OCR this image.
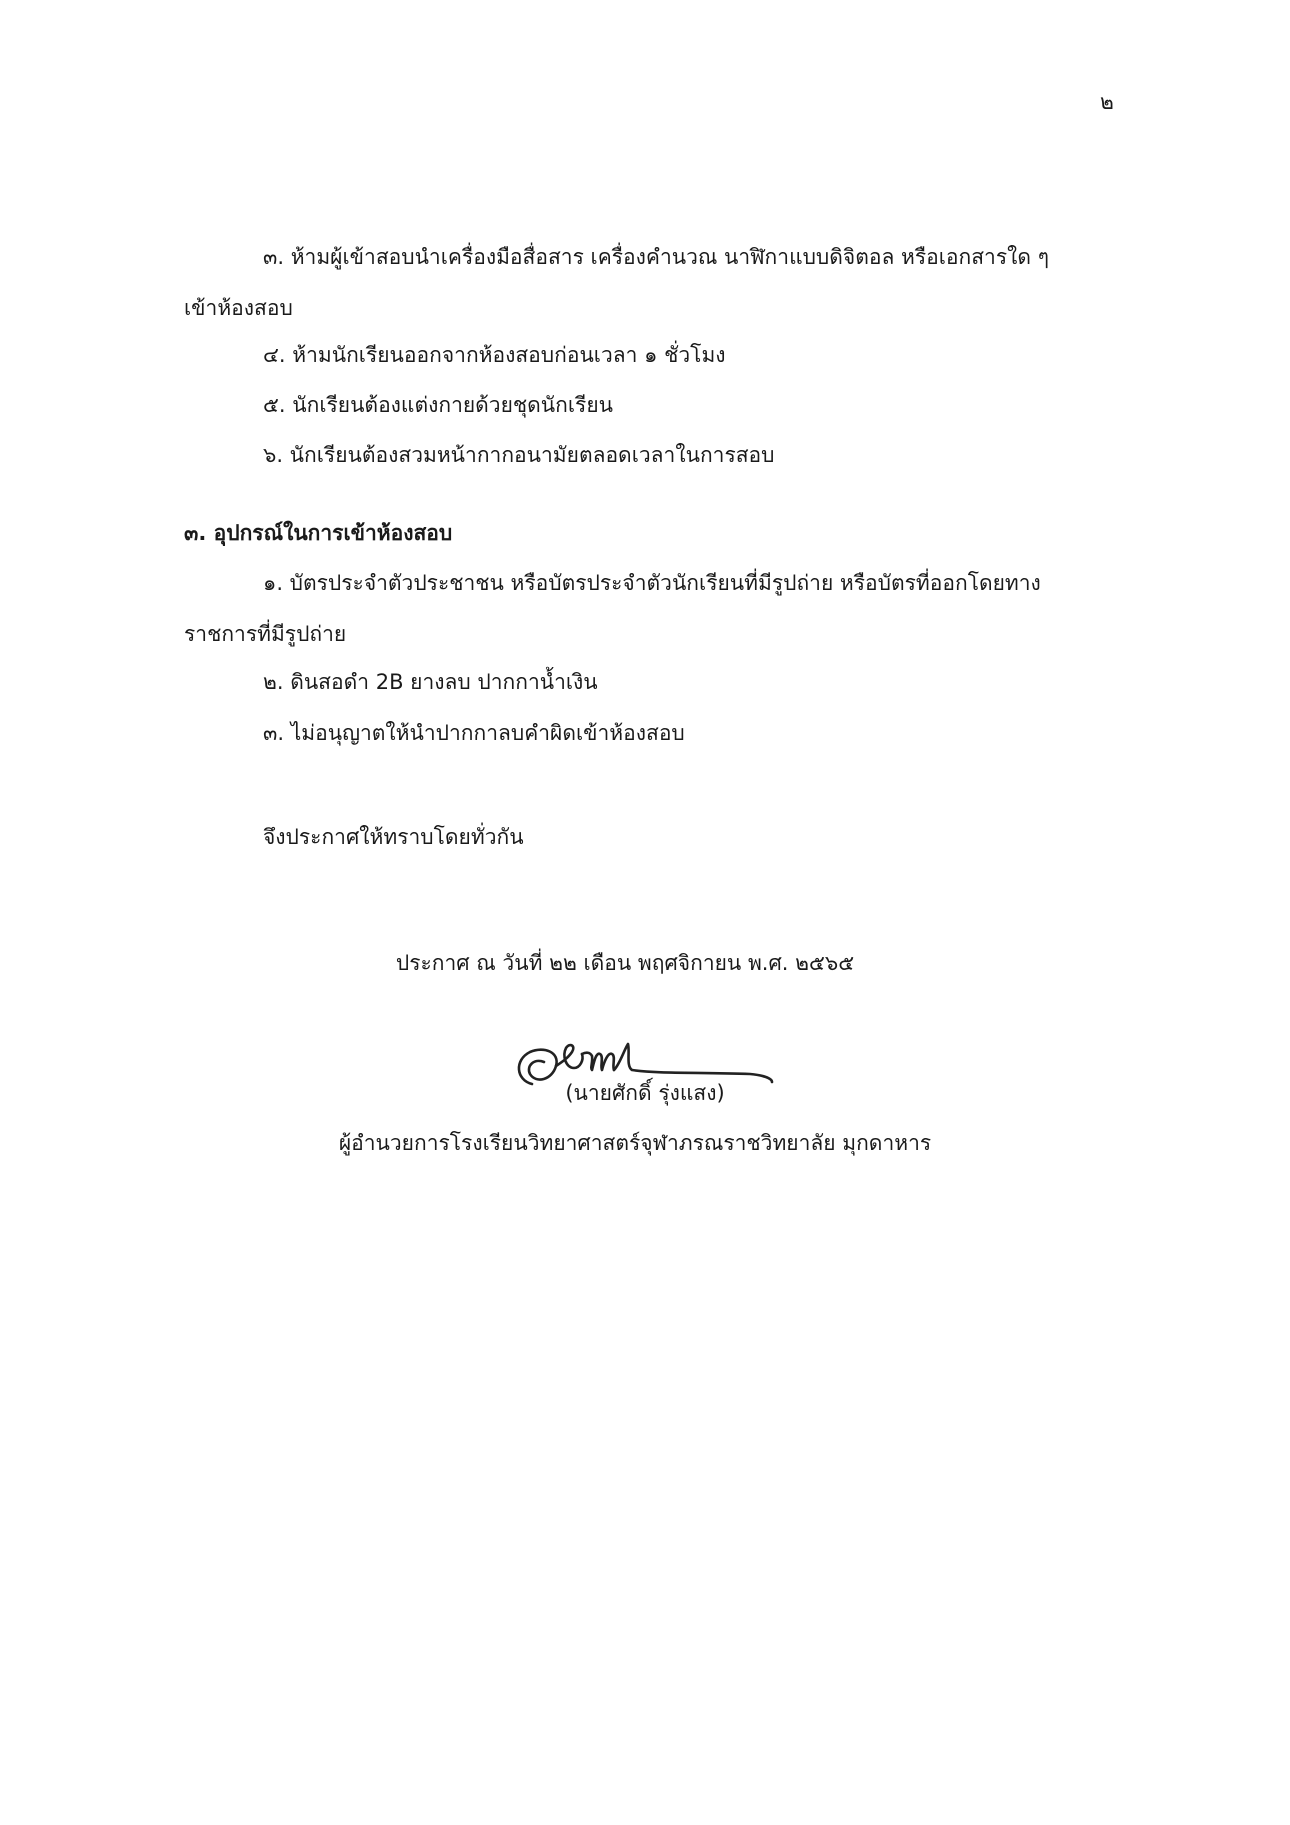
๒
๓. ห้ามผู้เข้าสอบนำเครื่องมือสื่อสาร เครื่องคำนวณ นาฬิกาแบบดิจิตอล หรือเอกสารใด ๆ
เข้าห้องสอบ
๔. ห้ามนักเรียนออกจากห้องสอบก่อนเวลา ๑ ชั่วโมง
๕. นักเรียนต้องแต่งกายด้วยชุดนักเรียน
๖. นักเรียนต้องสวมหน้ากากอนามัยตลอดเวลาในการสอบ
๓. อุปกรณ์ในการเข้าห้องสอบ
๑. บัตรประจำตัวประชาชน หรือบัตรประจำตัวนักเรียนที่มีรูปถ่าย หรือบัตรที่ออกโดยทาง
ราชการที่มีรูปถ่าย
๒. ดินสอดำ 2B ยางลบ ปากกาน้ำเงิน
๓. ไม่อนุญาตให้นำปากกาลบคำผิดเข้าห้องสอบ
จึงประกาศให้ทราบโดยทั่วกัน
ประกาศ ณ วันที่ ๒๒ เดือน พฤศจิกายน พ.ศ. ๒๕๖๕
(นายศักดิ์ รุ่งแสง)
ผู้อำนวยการโรงเรียนวิทยาศาสตร์จุฬาภรณราชวิทยาลัย มุกดาหาร
